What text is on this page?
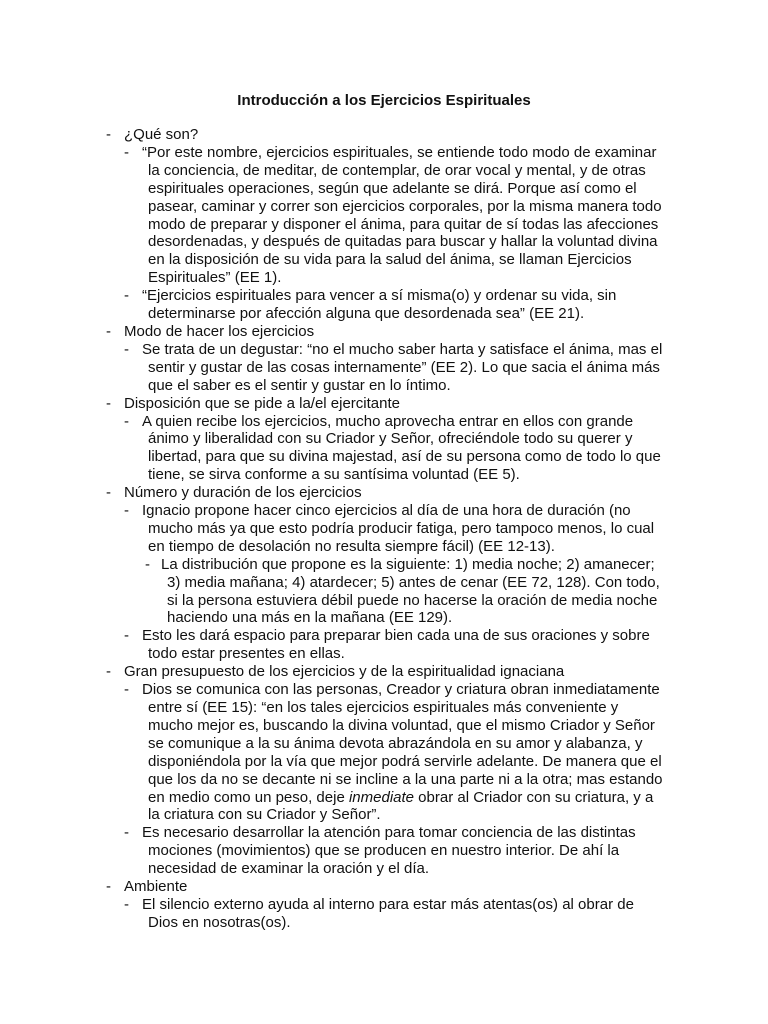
Introducción a los Ejercicios Espirituales
- ¿Qué son?
- “Por este nombre, ejercicios espirituales, se entiende todo modo de examinar la conciencia, de meditar, de contemplar, de orar vocal y mental, y de otras espirituales operaciones, según que adelante se dirá. Porque así como el pasear, caminar y correr son ejercicios corporales, por la misma manera todo modo de preparar y disponer el ánima, para quitar de sí todas las afecciones desordenadas, y después de quitadas para buscar y hallar la voluntad divina en la disposición de su vida para la salud del ánima, se llaman Ejercicios Espirituales” (EE 1).
- “Ejercicios espirituales para vencer a sí misma(o) y ordenar su vida, sin determinarse por afección alguna que desordenada sea” (EE 21).
- Modo de hacer los ejercicios
- Se trata de un degustar: “no el mucho saber harta y satisface el ánima, mas el sentir y gustar de las cosas internamente” (EE 2). Lo que sacia el ánima más que el saber es el sentir y gustar en lo íntimo.
- Disposición que se pide a la/el ejercitante
- A quien recibe los ejercicios, mucho aprovecha entrar en ellos con grande ánimo y liberalidad con su Criador y Señor, ofreciéndole todo su querer y libertad, para que su divina majestad, así de su persona como de todo lo que tiene, se sirva conforme a su santísima voluntad (EE 5).
- Número y duración de los ejercicios
- Ignacio propone hacer cinco ejercicios al día de una hora de duración (no mucho más ya que esto podría producir fatiga, pero tampoco menos, lo cual en tiempo de desolación no resulta siempre fácil) (EE 12-13).
- La distribución que propone es la siguiente: 1) media noche; 2) amanecer; 3) media mañana; 4) atardecer; 5) antes de cenar (EE 72, 128). Con todo, si la persona estuviera débil puede no hacerse la oración de media noche haciendo una más en la mañana (EE 129).
- Esto les dará espacio para preparar bien cada una de sus oraciones y sobre todo estar presentes en ellas.
- Gran presupuesto de los ejercicios y de la espiritualidad ignaciana
- Dios se comunica con las personas, Creador y criatura obran inmediatamente entre sí (EE 15): “en los tales ejercicios espirituales más conveniente y mucho mejor es, buscando la divina voluntad, que el mismo Criador y Señor se comunique a la su ánima devota abrazándola en su amor y alabanza, y disponiéndola por la vía que mejor podrá servirle adelante. De manera que el que los da no se decante ni se incline a la una parte ni a la otra; mas estando en medio como un peso, deje inmediate obrar al Criador con su criatura, y a la criatura con su Criador y Señor”.
- Es necesario desarrollar la atención para tomar conciencia de las distintas mociones (movimientos) que se producen en nuestro interior. De ahí la necesidad de examinar la oración y el día.
- Ambiente
- El silencio externo ayuda al interno para estar más atentas(os) al obrar de Dios en nosotras(os).
